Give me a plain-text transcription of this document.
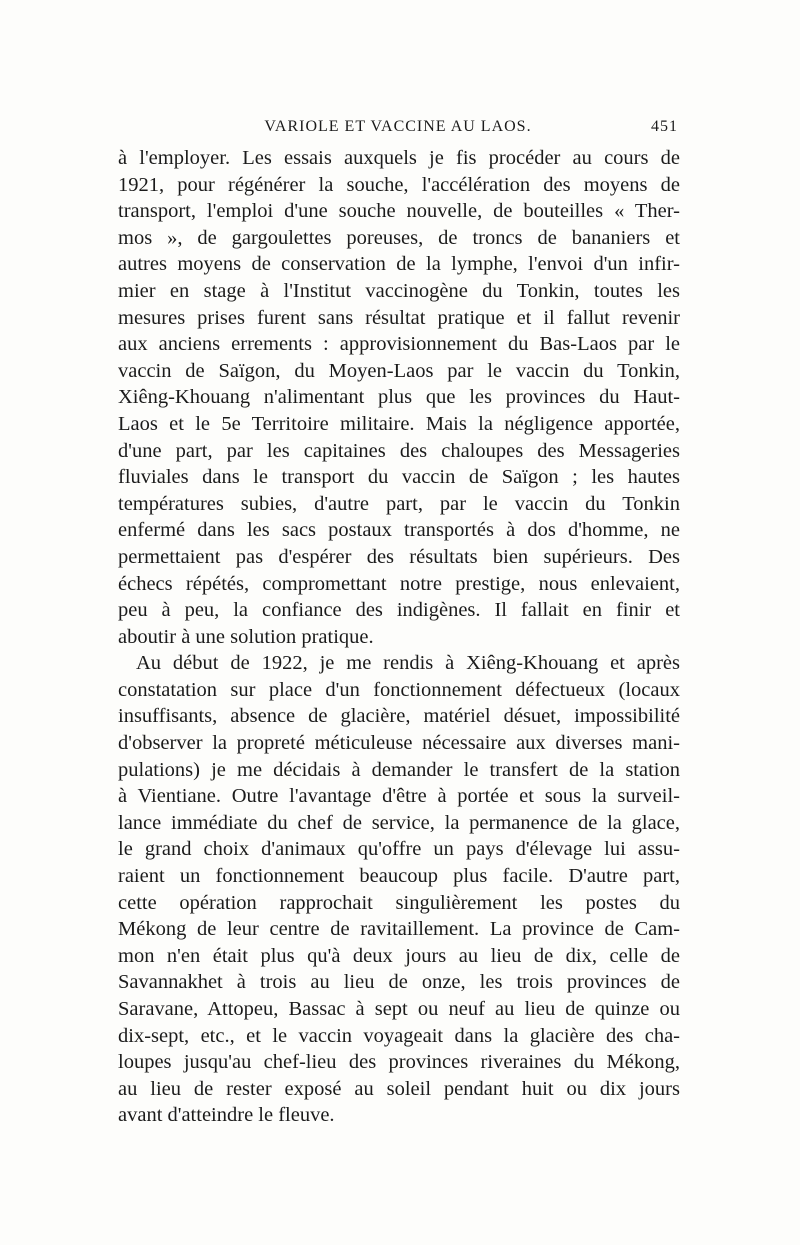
VARIOLE ET VACCINE AU LAOS.	451
à l'employer. Les essais auxquels je fis procéder au cours de
1921, pour régénérer la souche, l'accélération des moyens de
transport, l'emploi d'une souche nouvelle, de bouteilles « Ther-
mos », de gargoulettes poreuses, de troncs de bananiers et
autres moyens de conservation de la lymphe, l'envoi d'un infir-
mier en stage à l'Institut vaccinogène du Tonkin, toutes les
mesures prises furent sans résultat pratique et il fallut revenir
aux anciens errements : approvisionnement du Bas-Laos par le
vaccin de Saïgon, du Moyen-Laos par le vaccin du Tonkin,
Xiêng-Khouang n'alimentant plus que les provinces du Haut-
Laos et le 5e Territoire militaire. Mais la négligence apportée,
d'une part, par les capitaines des chaloupes des Messageries
fluviales dans le transport du vaccin de Saïgon ; les hautes
températures subies, d'autre part, par le vaccin du Tonkin
enfermé dans les sacs postaux transportés à dos d'homme, ne
permettaient pas d'espérer des résultats bien supérieurs. Des
échecs répétés, compromettant notre prestige, nous enlevaient,
peu à peu, la confiance des indigènes. Il fallait en finir et
aboutir à une solution pratique.
Au début de 1922, je me rendis à Xiêng-Khouang et après
constatation sur place d'un fonctionnement défectueux (locaux
insuffisants, absence de glacière, matériel désuet, impossibilité
d'observer la propreté méticuleuse nécessaire aux diverses mani-
pulations) je me décidais à demander le transfert de la station
à Vientiane. Outre l'avantage d'être à portée et sous la surveil-
lance immédiate du chef de service, la permanence de la glace,
le grand choix d'animaux qu'offre un pays d'élevage lui assu-
raient un fonctionnement beaucoup plus facile. D'autre part,
cette opération rapprochait singulièrement les postes du
Mékong de leur centre de ravitaillement. La province de Cam-
mon n'en était plus qu'à deux jours au lieu de dix, celle de
Savannakhet à trois au lieu de onze, les trois provinces de
Saravane, Attopeu, Bassac à sept ou neuf au lieu de quinze ou
dix-sept, etc., et le vaccin voyageait dans la glacière des cha-
loupes jusqu'au chef-lieu des provinces riveraines du Mékong,
au lieu de rester exposé au soleil pendant huit ou dix jours
avant d'atteindre le fleuve.
